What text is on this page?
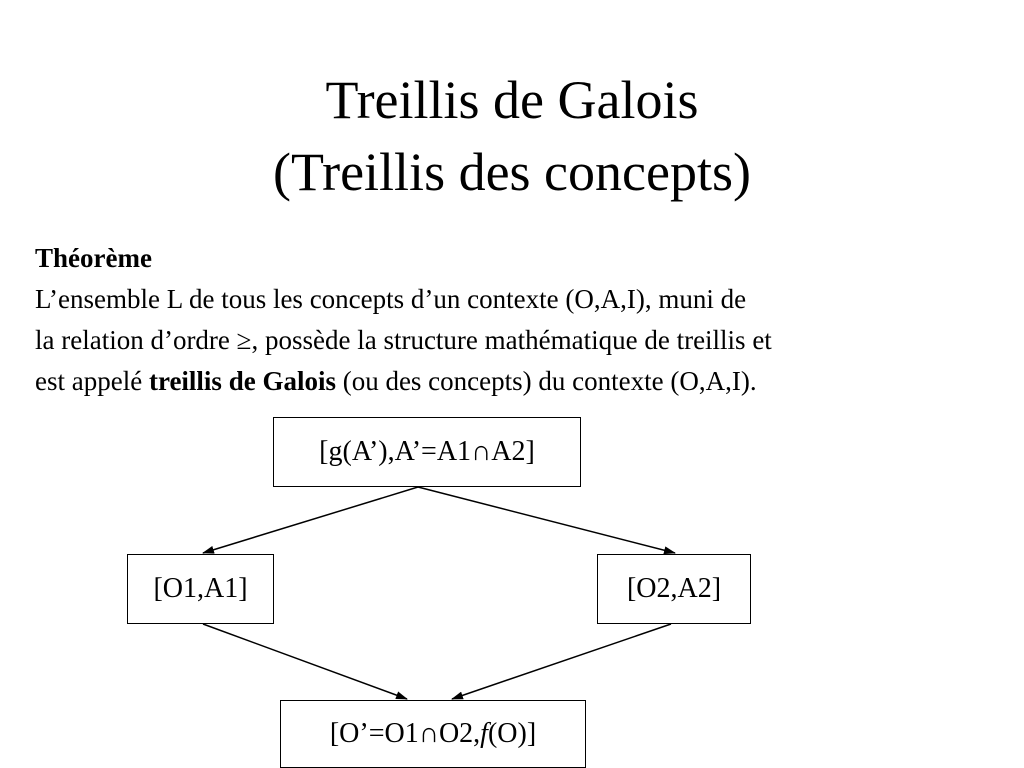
Treillis de Galois
(Treillis des concepts)
Théorème
L’ensemble L de tous les concepts d’un contexte (O,A,I), muni de
la relation d’ordre ≥, possède la structure mathématique de treillis et
est appelé treillis de Galois (ou des concepts) du contexte (O,A,I).
[g(A’),A’=A1∩A2]
[O1,A1]	[O2,A2]
[O’=O1∩O2,f(O)]
